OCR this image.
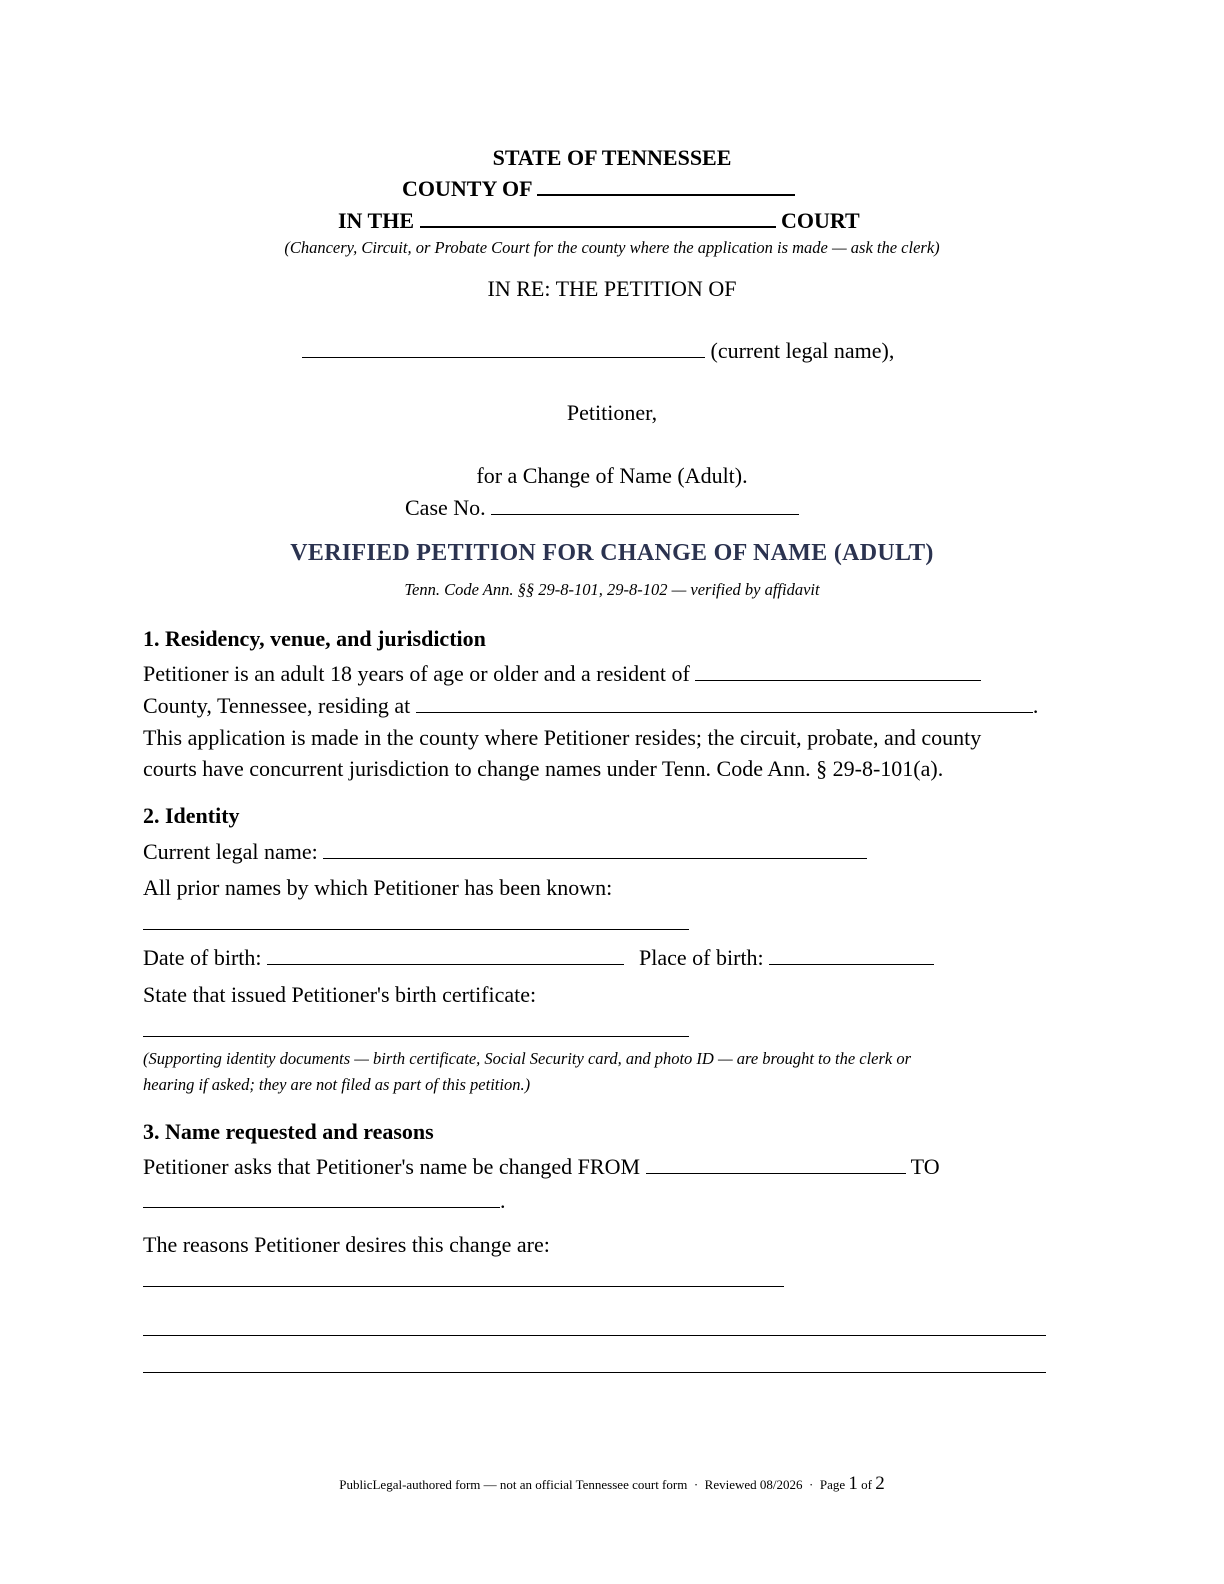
STATE OF TENNESSEE
COUNTY OF
IN THE	COURT
(Chancery, Circuit, or Probate Court for the county where the application is made — ask the clerk)
IN RE: THE PETITION OF
(current legal name),
Petitioner,
for a Change of Name (Adult).
Case No.
VERIFIED PETITION FOR CHANGE OF NAME (ADULT)
Tenn. Code Ann. §§ 29-8-101, 29-8-102 — verified by affidavit
1. Residency, venue, and jurisdiction
Petitioner is an adult 18 years of age or older and a resident of
County, Tennessee, residing at	.
This application is made in the county where Petitioner resides; the circuit, probate, and county
courts have concurrent jurisdiction to change names under Tenn. Code Ann. § 29-8-101(a).
2. Identity
Current legal name:
All prior names by which Petitioner has been known:
Date of birth:	Place of birth:
State that issued Petitioner's birth certificate:
(Supporting identity documents — birth certificate, Social Security card, and photo ID — are brought to the clerk or
hearing if asked; they are not filed as part of this petition.)
3. Name requested and reasons
Petitioner asks that Petitioner's name be changed FROM	TO
.
The reasons Petitioner desires this change are:
PublicLegal-authored form — not an official Tennessee court form · Reviewed 08/2026 · Page 1 of 2
